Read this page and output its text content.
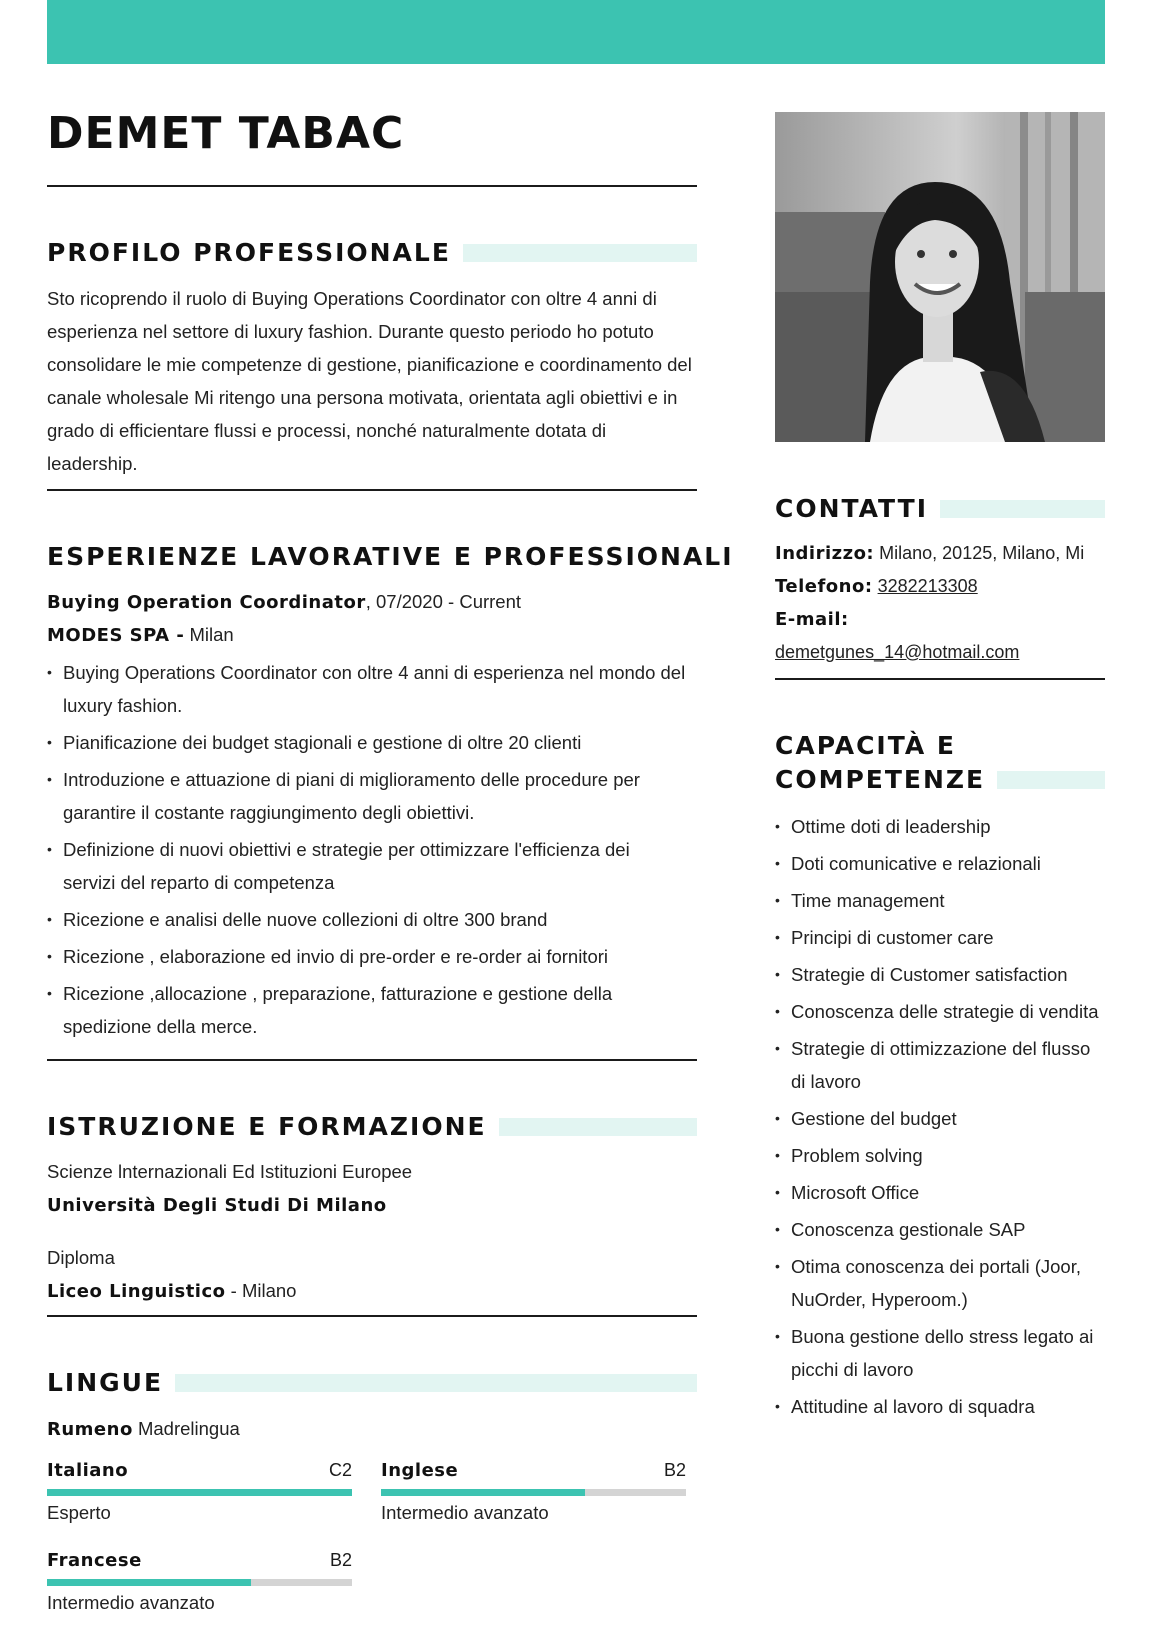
DEMET TABAC
PROFILO PROFESSIONALE

Sto ricoprendo il ruolo di Buying Operations Coordinator con oltre 4 anni di esperienza nel settore di luxury fashion. Durante questo periodo ho potuto consolidare le mie competenze di gestione, pianificazione e coordinamento del canale wholesale Mi ritengo una persona motivata, orientata agli obiettivi e in grado di efficientare flussi e processi, nonché naturalmente dotata di leadership.

ESPERIENZE LAVORATIVE E PROFESSIONALI
Buying Operation Coordinator, 07/2020 - Current
MODES SPA - Milan
• Buying Operations Coordinator con oltre 4 anni di esperienza nel mondo del luxury fashion.
• Pianificazione dei budget stagionali e gestione di oltre 20 clienti
• Introduzione e attuazione di piani di miglioramento delle procedure per garantire il costante raggiungimento degli obiettivi.
• Definizione di nuovi obiettivi e strategie per ottimizzare l'efficienza dei servizi del reparto di competenza
• Ricezione e analisi delle nuove collezioni di oltre 300 brand
• Ricezione , elaborazione ed invio di pre-order e re-order ai fornitori
• Ricezione ,allocazione , preparazione, fatturazione e gestione della spedizione della merce.
ISTRUZIONE E FORMAZIONE
Scienze lnternazionali Ed Istituzioni Europee
Università Degli Studi Di Milano
Diploma
Liceo Linguistico - Milano
LINGUE
Rumeno Madrelingua
Italiano	C2
Esperto
Inglese	B2
Intermedio avanzato
Francese	B2
Intermedio avanzato
CONTATTI
Indirizzo: Milano, 20125, Milano, Mi
Telefono: 3282213308
E-mail:
demetgunes_14@hotmail.com
CAPACITÀ E
COMPETENZE
• Ottime doti di leadership
• Doti comunicative e relazionali
• Time management
• Principi di customer care
• Strategie di Customer satisfaction
• Conoscenza delle strategie di vendita
• Strategie di ottimizzazione del flusso di lavoro
• Gestione del budget
• Problem solving
• Microsoft Office
• Conoscenza gestionale SAP
• Otima conoscenza dei portali (Joor, NuOrder, Hyperoom.)
• Buona gestione dello stress legato ai picchi di lavoro
• Attitudine al lavoro di squadra
